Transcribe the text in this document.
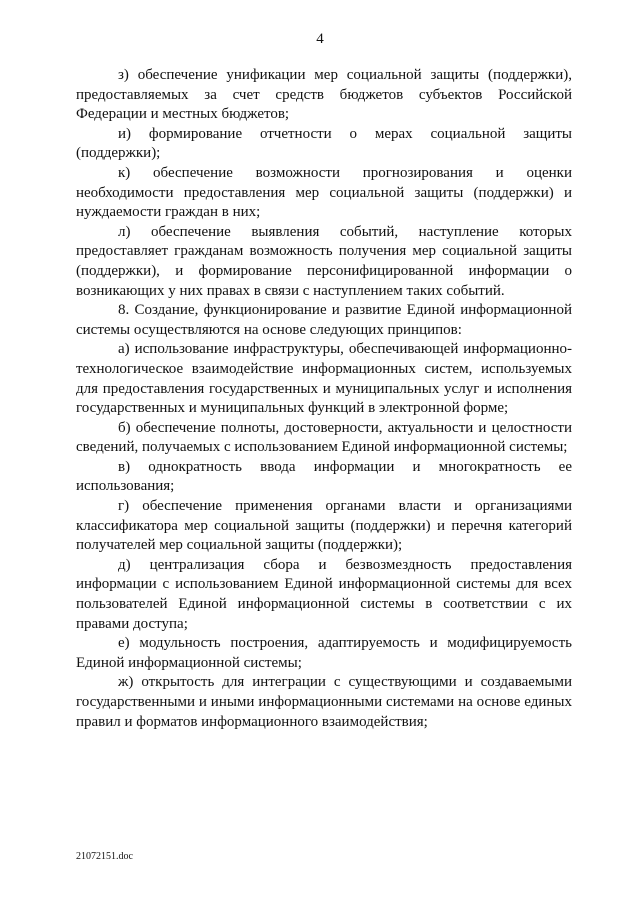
4

з) обеспечение унификации мер социальной защиты (поддержки), предоставляемых за счет средств бюджетов субъектов Российской Федерации и местных бюджетов;

и) формирование отчетности о мерах социальной защиты (поддержки);

к) обеспечение возможности прогнозирования и оценки необходимости предоставления мер социальной защиты (поддержки) и нуждаемости граждан в них;

л) обеспечение выявления событий, наступление которых предоставляет гражданам возможность получения мер социальной защиты (поддержки), и формирование персонифицированной информации о возникающих у них правах в связи с наступлением таких событий.

8. Создание, функционирование и развитие Единой информационной системы осуществляются на основе следующих принципов:

а) использование инфраструктуры, обеспечивающей информационно-технологическое взаимодействие информационных систем, используемых для предоставления государственных и муниципальных услуг и исполнения государственных и муниципальных функций в электронной форме;

б) обеспечение полноты, достоверности, актуальности и целостности сведений, получаемых с использованием Единой информационной системы;

в) однократность ввода информации и многократность ее использования;

г) обеспечение применения органами власти и организациями классификатора мер социальной защиты (поддержки) и перечня категорий получателей мер социальной защиты (поддержки);

д) централизация сбора и безвозмездность предоставления информации с использованием Единой информационной системы для всех пользователей Единой информационной системы в соответствии с их правами доступа;

е) модульность построения, адаптируемость и модифицируемость Единой информационной системы;

ж) открытость для интеграции с существующими и создаваемыми государственными и иными информационными системами на основе единых правил и форматов информационного взаимодействия;

21072151.doc
